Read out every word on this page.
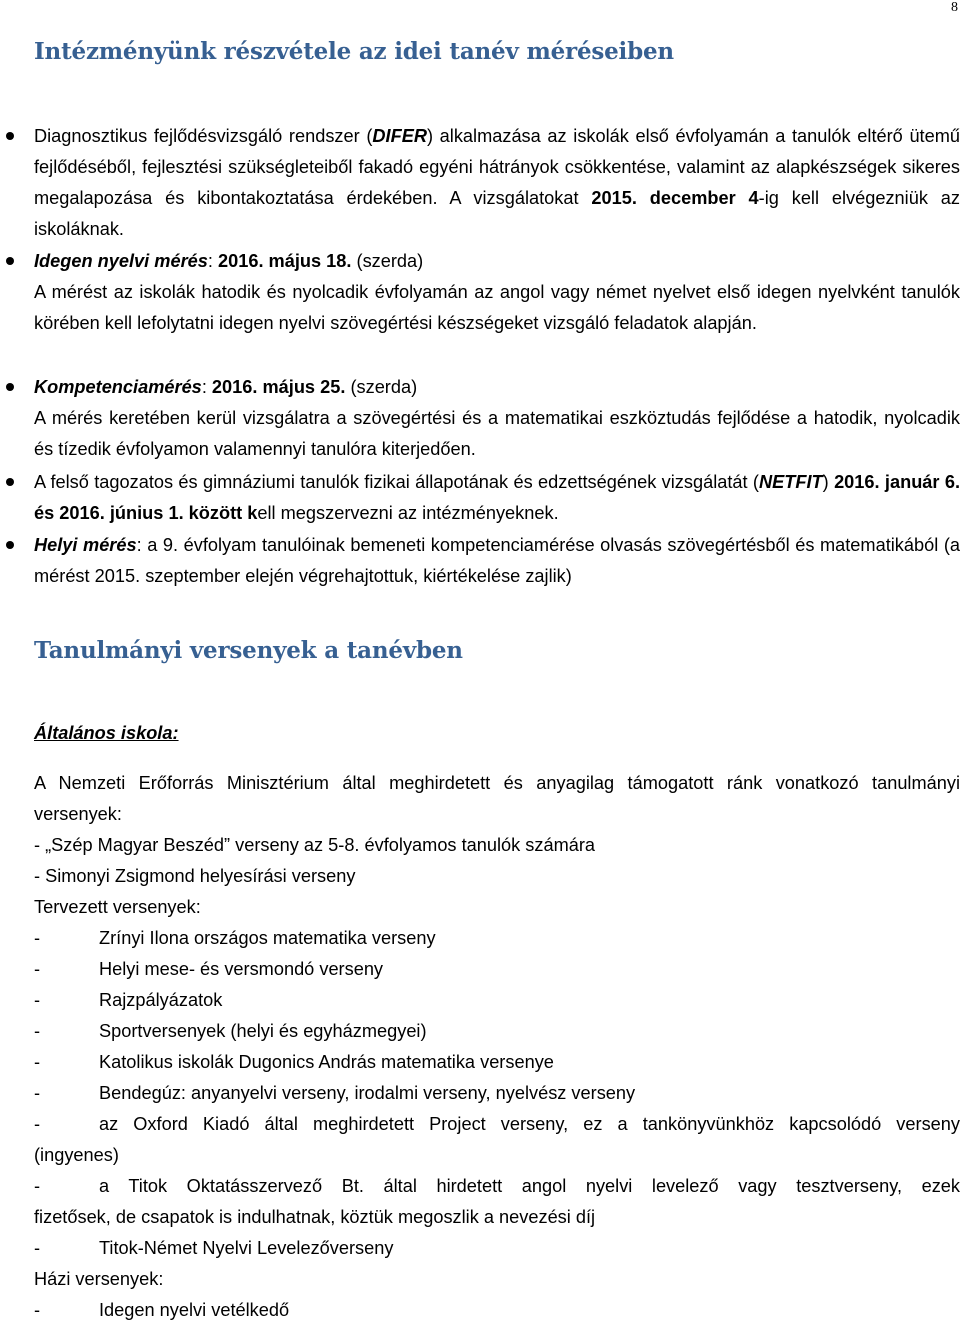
8
Intézményünk részvétele az idei tanév méréseiben
Diagnosztikus fejlődésvizsgáló rendszer (DIFER) alkalmazása az iskolák első évfolyamán a tanulók eltérő ütemű fejlődéséből, fejlesztési szükségleteiből fakadó egyéni hátrányok csökkentése, valamint az alapkészségek sikeres megalapozása és kibontakoztatása érdekében. A vizsgálatokat 2015. december 4-ig kell elvégezniük az iskoláknak.
Idegen nyelvi mérés: 2016. május 18. (szerda)
A mérést az iskolák hatodik és nyolcadik évfolyamán az angol vagy német nyelvet első idegen nyelvként tanulók körében kell lefolytatni idegen nyelvi szövegértési készségeket vizsgáló feladatok alapján.
Kompetenciamérés: 2016. május 25. (szerda)
A mérés keretében kerül vizsgálatra a szövegértési és a matematikai eszköztudás fejlődése a hatodik, nyolcadik és tízedik évfolyamon valamennyi tanulóra kiterjedően.
A felső tagozatos és gimnáziumi tanulók fizikai állapotának és edzettségének vizsgálatát (NETFIT) 2016. január 6. és 2016. június 1. között kell megszervezni az intézményeknek.
Helyi mérés: a 9. évfolyam tanulóinak bemeneti kompetenciamérése olvasás szövegértésből és matematikából (a mérést 2015. szeptember elején végrehajtottuk, kiértékelése zajlik)
Tanulmányi versenyek a tanévben
Általános iskola:
A Nemzeti Erőforrás Minisztérium által meghirdetett és anyagilag támogatott ránk vonatkozó tanulmányi versenyek:
- „Szép Magyar Beszéd” verseny az 5-8. évfolyamos tanulók számára
- Simonyi Zsigmond helyesírási verseny
Tervezett versenyek:
-	Zrínyi Ilona országos matematika verseny
-	Helyi mese- és versmondó verseny
-	Rajzpályázatok
-	Sportversenyek (helyi és egyházmegyei)
-	Katolikus iskolák Dugonics András matematika versenye
-	Bendegúz: anyanyelvi verseny, irodalmi verseny, nyelvész verseny
-	az Oxford Kiadó által meghirdetett Project verseny, ez a tankönyvünkhöz kapcsolódó verseny
(ingyenes)
-	a Titok Oktatásszervező Bt. által hirdetett angol nyelvi levelező vagy tesztverseny, ezek
fizetősek, de csapatok is indulhatnak, köztük megoszlik a nevezési díj
-	Titok-Német Nyelvi Levelezőverseny
Házi versenyek:
-	Idegen nyelvi vetélkedő
